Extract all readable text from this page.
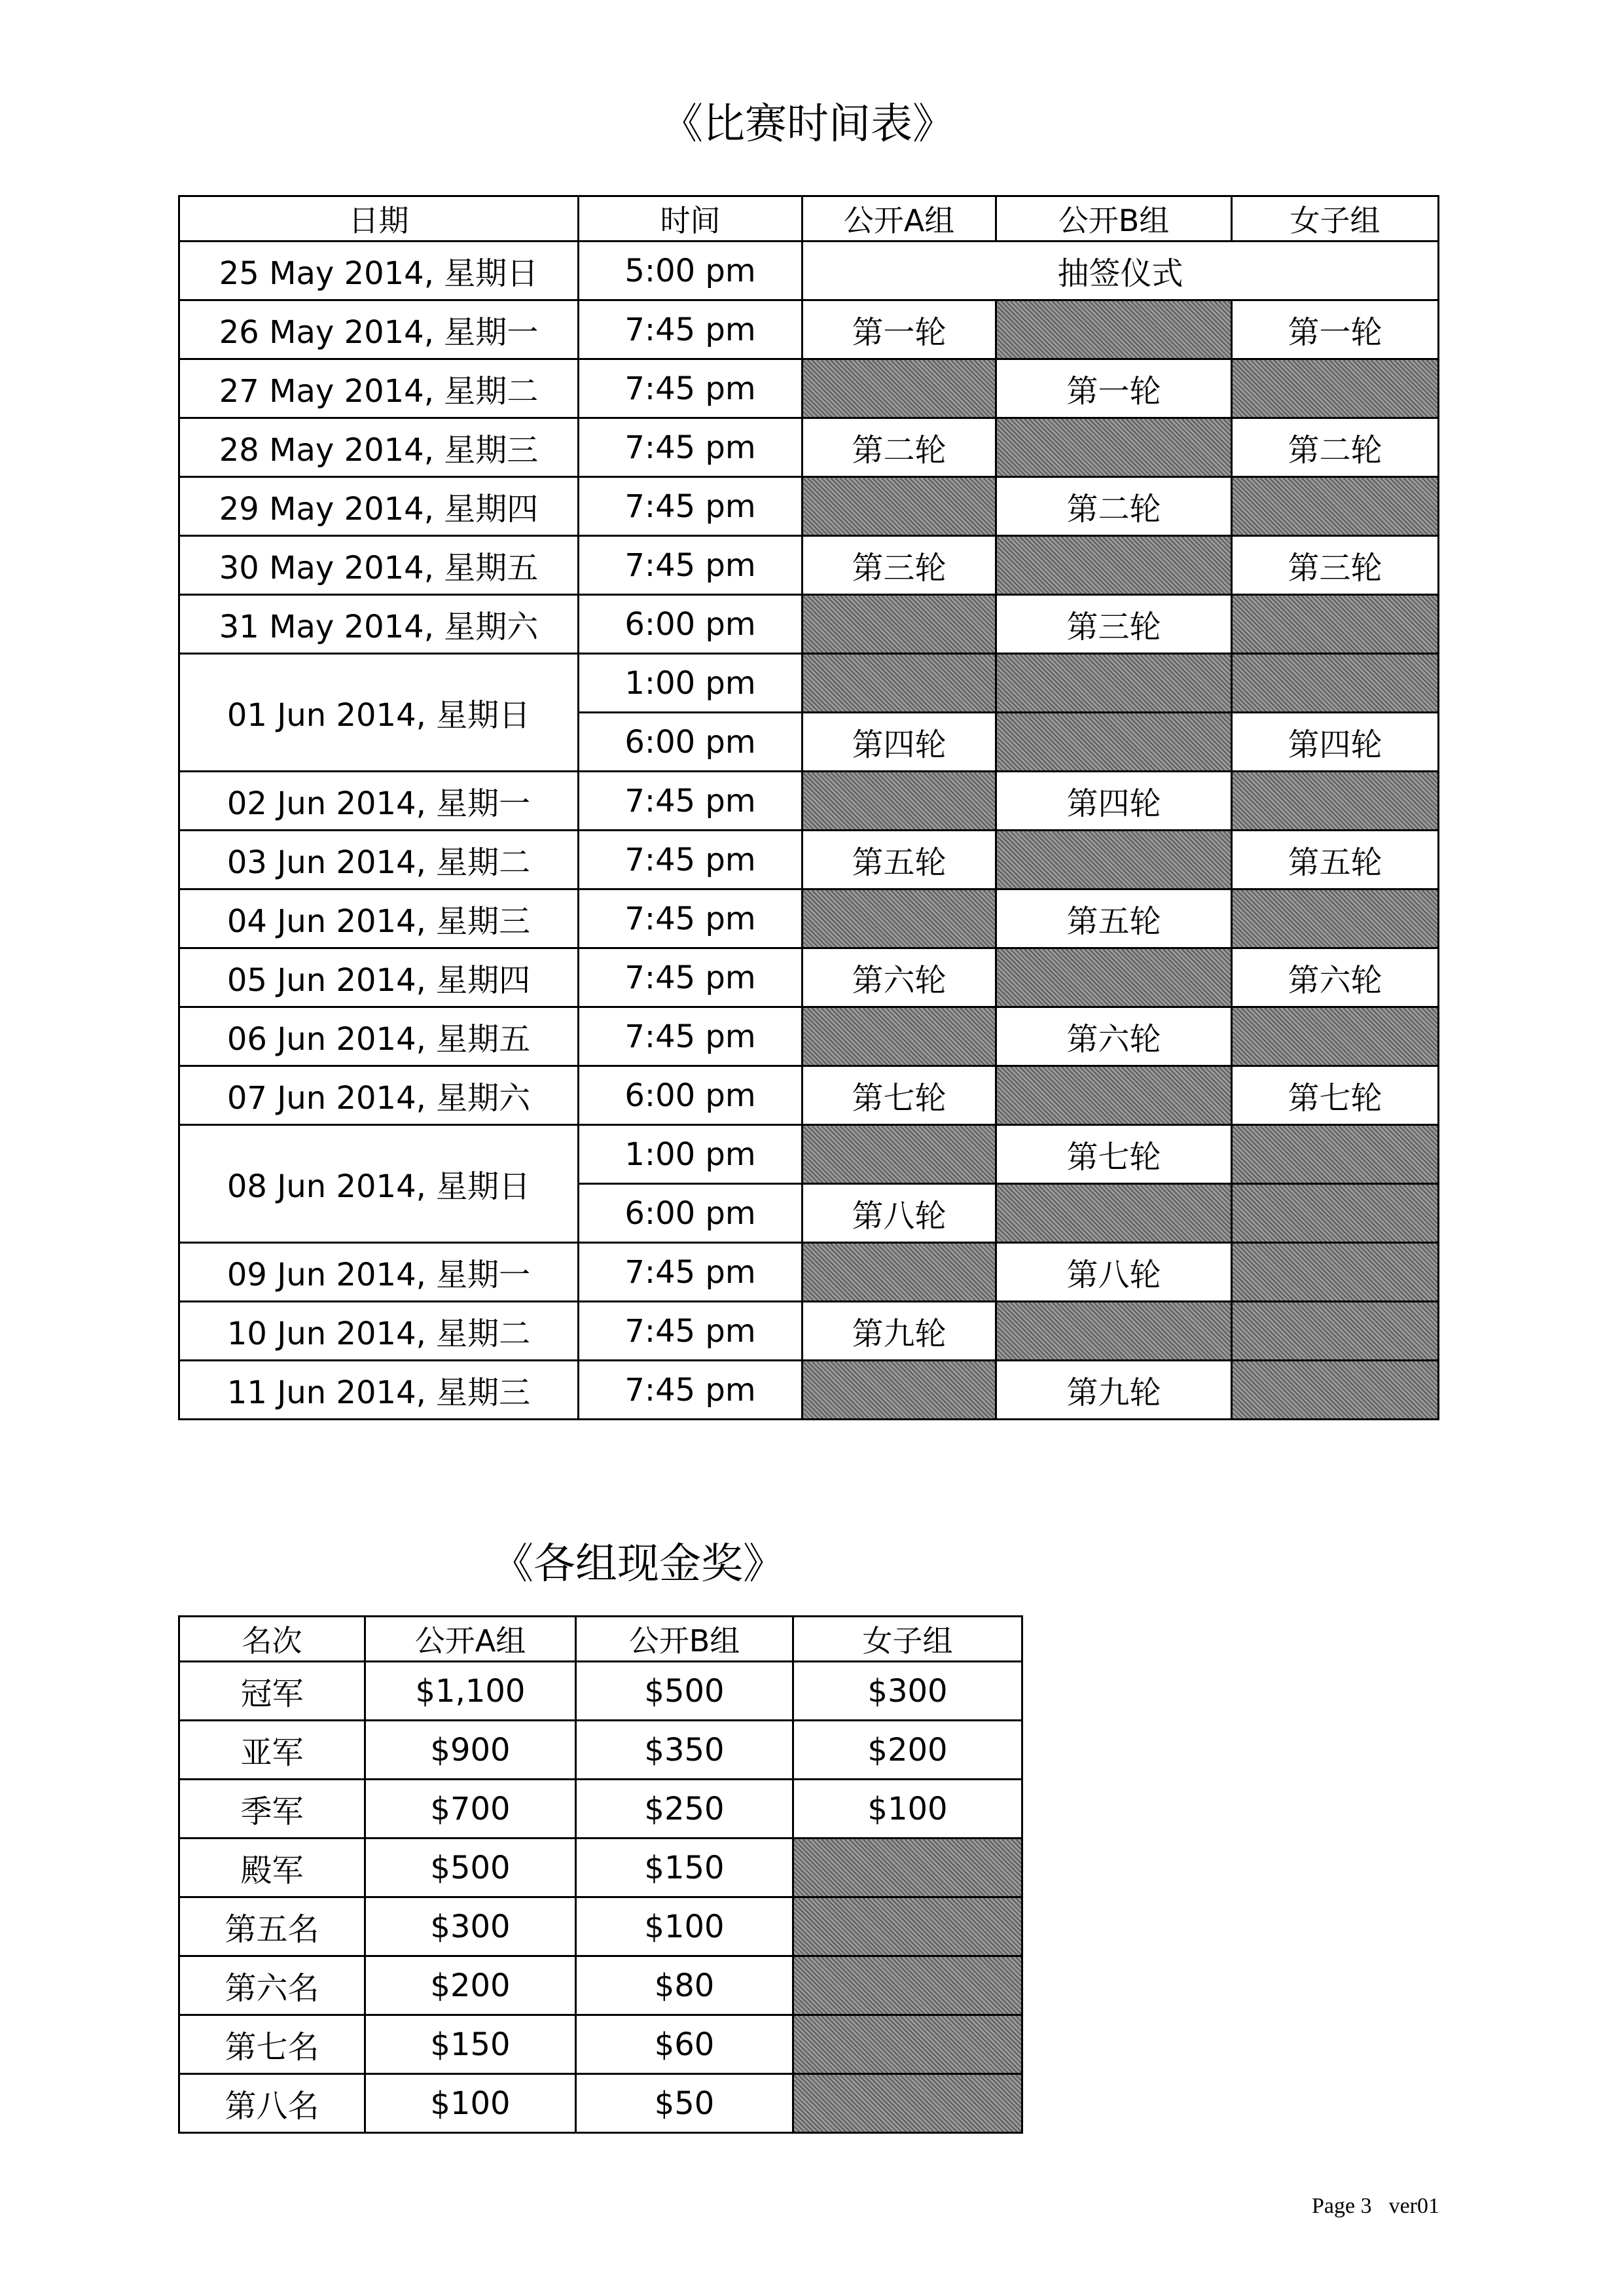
《比赛时间表》
日期	时间	公开A组	公开B组	女子组
25 May 2014, 星期日	5:00 pm	抽签仪式		
26 May 2014, 星期一	7:45 pm	第一轮		第一轮
27 May 2014, 星期二	7:45 pm		第一轮	
28 May 2014, 星期三	7:45 pm	第二轮		第二轮
29 May 2014, 星期四	7:45 pm		第二轮	
30 May 2014, 星期五	7:45 pm	第三轮		第三轮
31 May 2014, 星期六	6:00 pm		第三轮	
01 Jun 2014, 星期日	1:00 pm			
	6:00 pm	第四轮		第四轮
02 Jun 2014, 星期一	7:45 pm		第四轮	
03 Jun 2014, 星期二	7:45 pm	第五轮		第五轮
04 Jun 2014, 星期三	7:45 pm		第五轮	
05 Jun 2014, 星期四	7:45 pm	第六轮		第六轮
06 Jun 2014, 星期五	7:45 pm		第六轮	
07 Jun 2014, 星期六	6:00 pm	第七轮		第七轮
08 Jun 2014, 星期日	1:00 pm		第七轮	
	6:00 pm	第八轮		
09 Jun 2014, 星期一	7:45 pm		第八轮	
10 Jun 2014, 星期二	7:45 pm	第九轮		
11 Jun 2014, 星期三	7:45 pm		第九轮	
《各组现金奖》
名次	公开A组	公开B组	女子组
冠军	$1,100	$500	$300
亚军	$900	$350	$200
季军	$700	$250	$100
殿军	$500	$150	
第五名	$300	$100	
第六名	$200	$80	
第七名	$150	$60	
第八名	$100	$50	
Page 3 ver01
